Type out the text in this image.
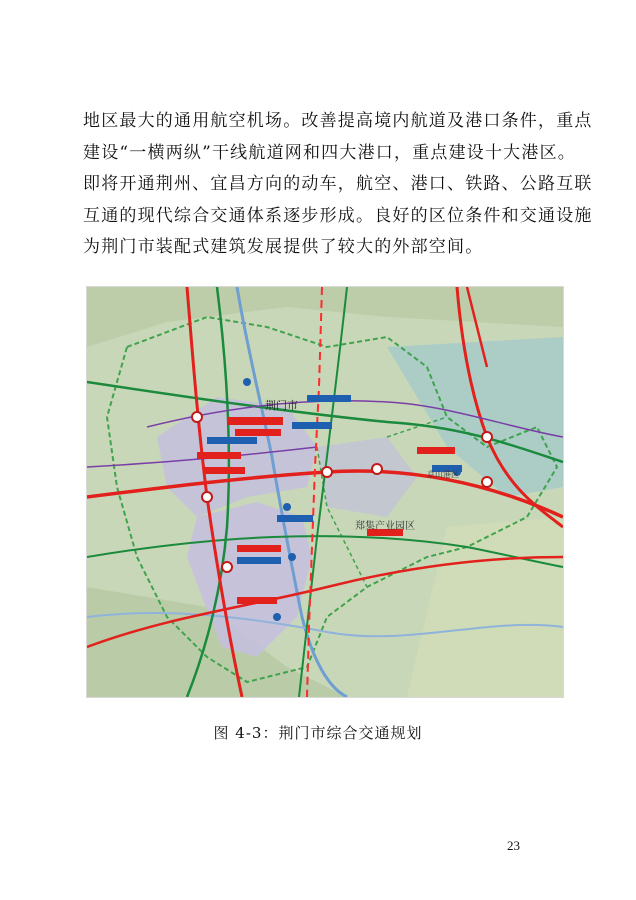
地区最大的通用航空机场。改善提高境内航道及港口条件，重点
建设“一横两纵”干线航道网和四大港口，重点建设十大港区。
即将开通荆州、宜昌方向的动车，航空、港口、铁路、公路互联
互通的现代综合交通体系逐步形成。良好的区位条件和交通设施
为荆门市装配式建筑发展提供了较大的外部空间。
荆门市
郑集产业园区
京山港区
图 4-3：荆门市综合交通规划
23
